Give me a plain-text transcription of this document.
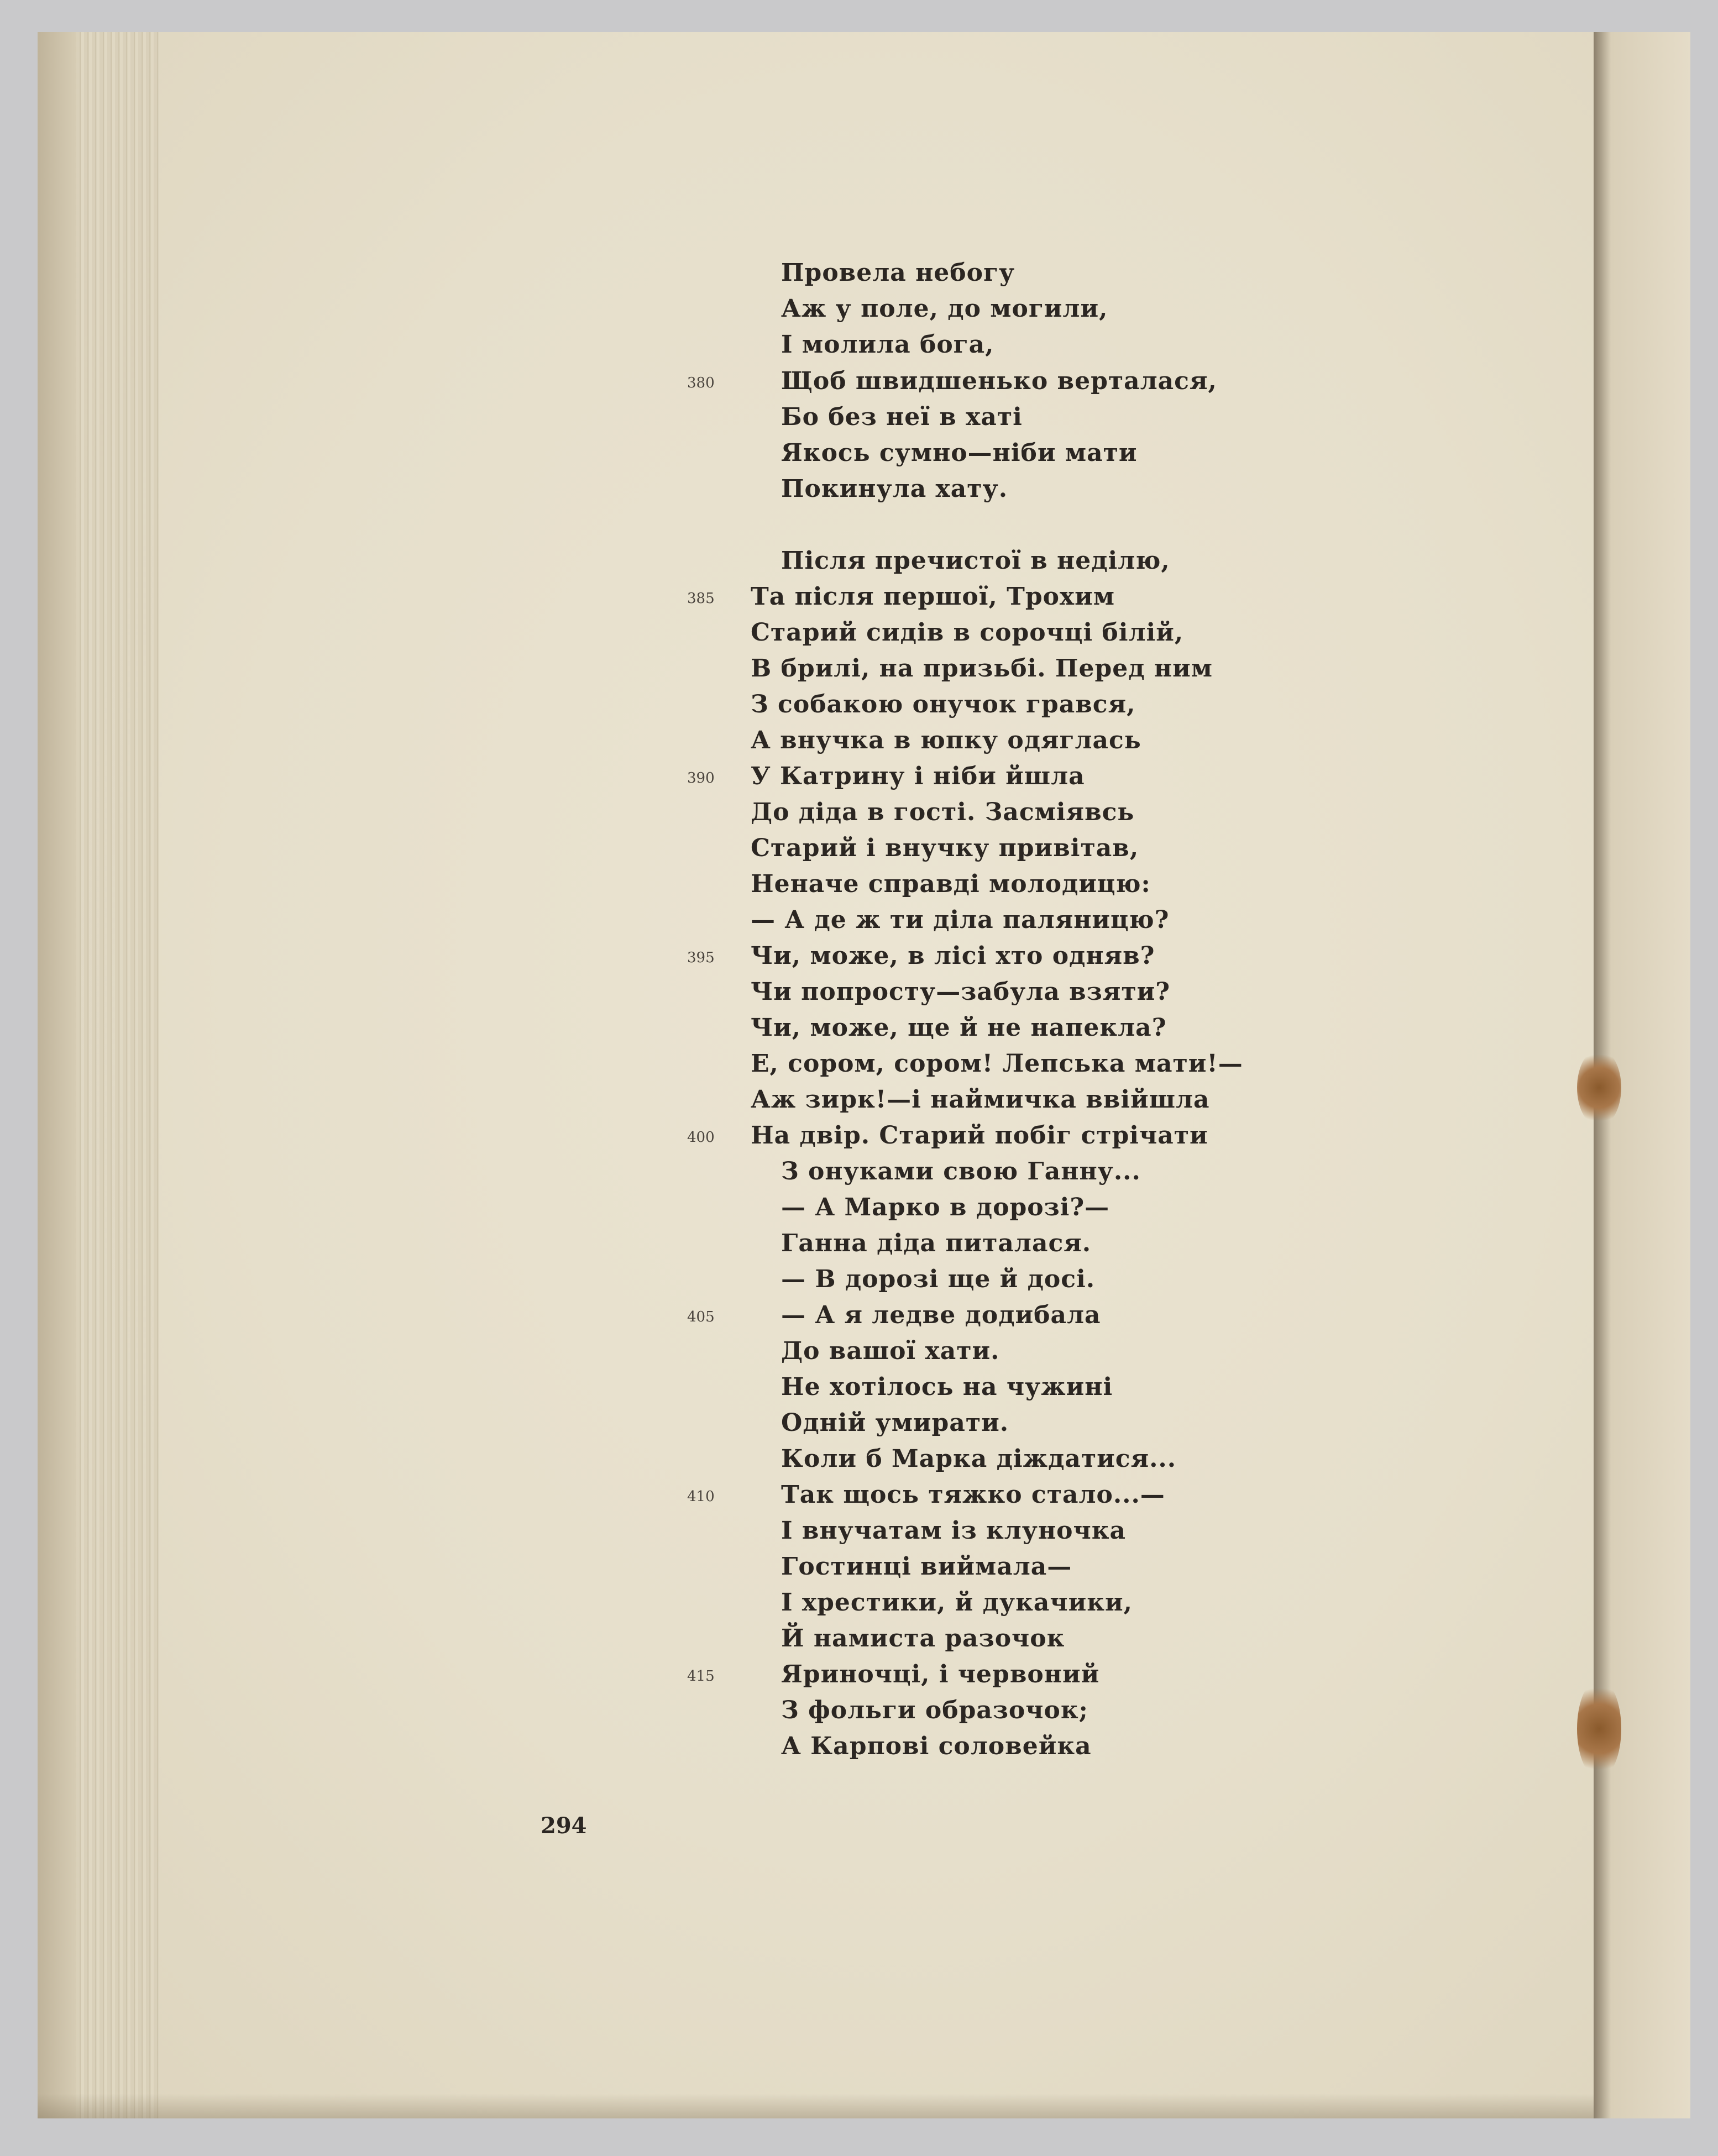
Провела небогу
Аж у поле, до могили,
І молила бога,
Щоб швидшенько верталася,
Бо без неї в хаті
Якось сумно—ніби мати
Покинула хату.
Після пречистої в неділю,
Та після першої, Трохим
Старий сидів в сорочці білій,
В брилі, на призьбі. Перед ним
З собакою онучок грався,
А внучка в юпку одяглась
У Катрину і ніби йшла
До діда в гості. Засміявсь
Старий і внучку привітав,
Неначе справді молодицю:
— А де ж ти діла паляницю?
Чи, може, в лісі хто одняв?
Чи попросту—забула взяти?
Чи, може, ще й не напекла?
Е, сором, сором! Лепська мати!—
Аж зирк!—і наймичка ввійшла
На двір. Старий побіг стрічати
З онуками свою Ганну...
— А Марко в дорозі?—
Ганна діда питалася.
— В дорозі ще й досі.
— А я ледве додибала
До вашої хати.
Не хотілось на чужині
Одній умирати.
Коли б Марка діждатися...
Так щось тяжко стало...—
І внучатам із клуночка
Гостинці виймала—
І хрестики, й дукачики,
Й намиста разочок
Яриночці, і червоний
З фольги образочок;
А Карпові соловейка
380
385
390
395
400
405
410
415
294
